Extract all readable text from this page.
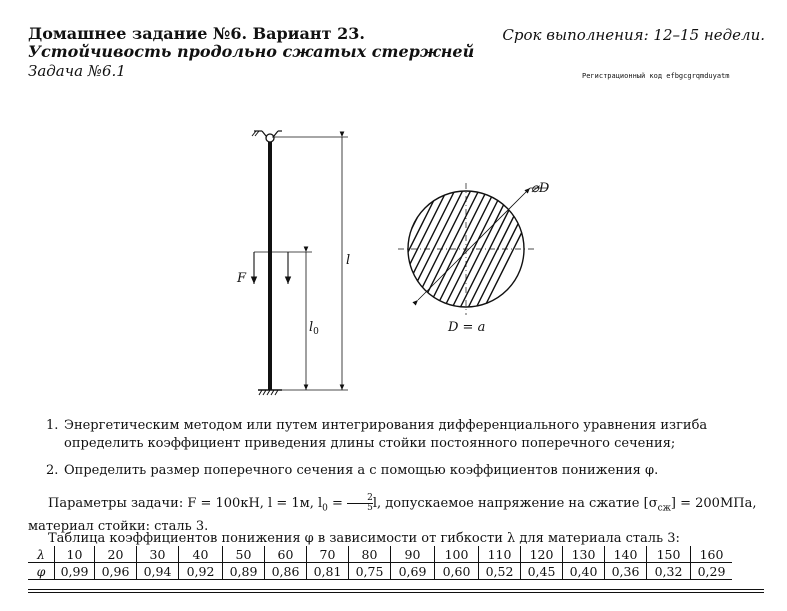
Домашнее задание №6. Вариант 23.	Срок выполнения: 12–15 недели.
Устойчивость продольно сжатых стержней
Задача №6.1	Регистрационный код efbgcgrqmduyatm
l
F
$l_0$
⌀D
D = a
1. Энергетическим методом или путем интегрирования дифференциального уравнения изгиба определить коэффициент приведения длины стойки постоянного поперечного сечения;
2. Определить размер поперечного сечения a с помощью коэффициентов понижения φ.
Параметры задачи: F = 100кН, l = 1м, $l_0 = \frac{2}{5} l$, допускаемое напряжение на сжатие $[\sigma_{сж}] = 200МПа$, материал стойки: сталь 3.
Таблица коэффициентов понижения φ в зависимости от гибкости λ для материала сталь 3:
λ	10	20	30	40	50	60	70	80	90	100	110	120	130	140	150	160
φ	0,99	0,96	0,94	0,92	0,89	0,86	0,81	0,75	0,69	0,60	0,52	0,45	0,40	0,36	0,32	0,29
